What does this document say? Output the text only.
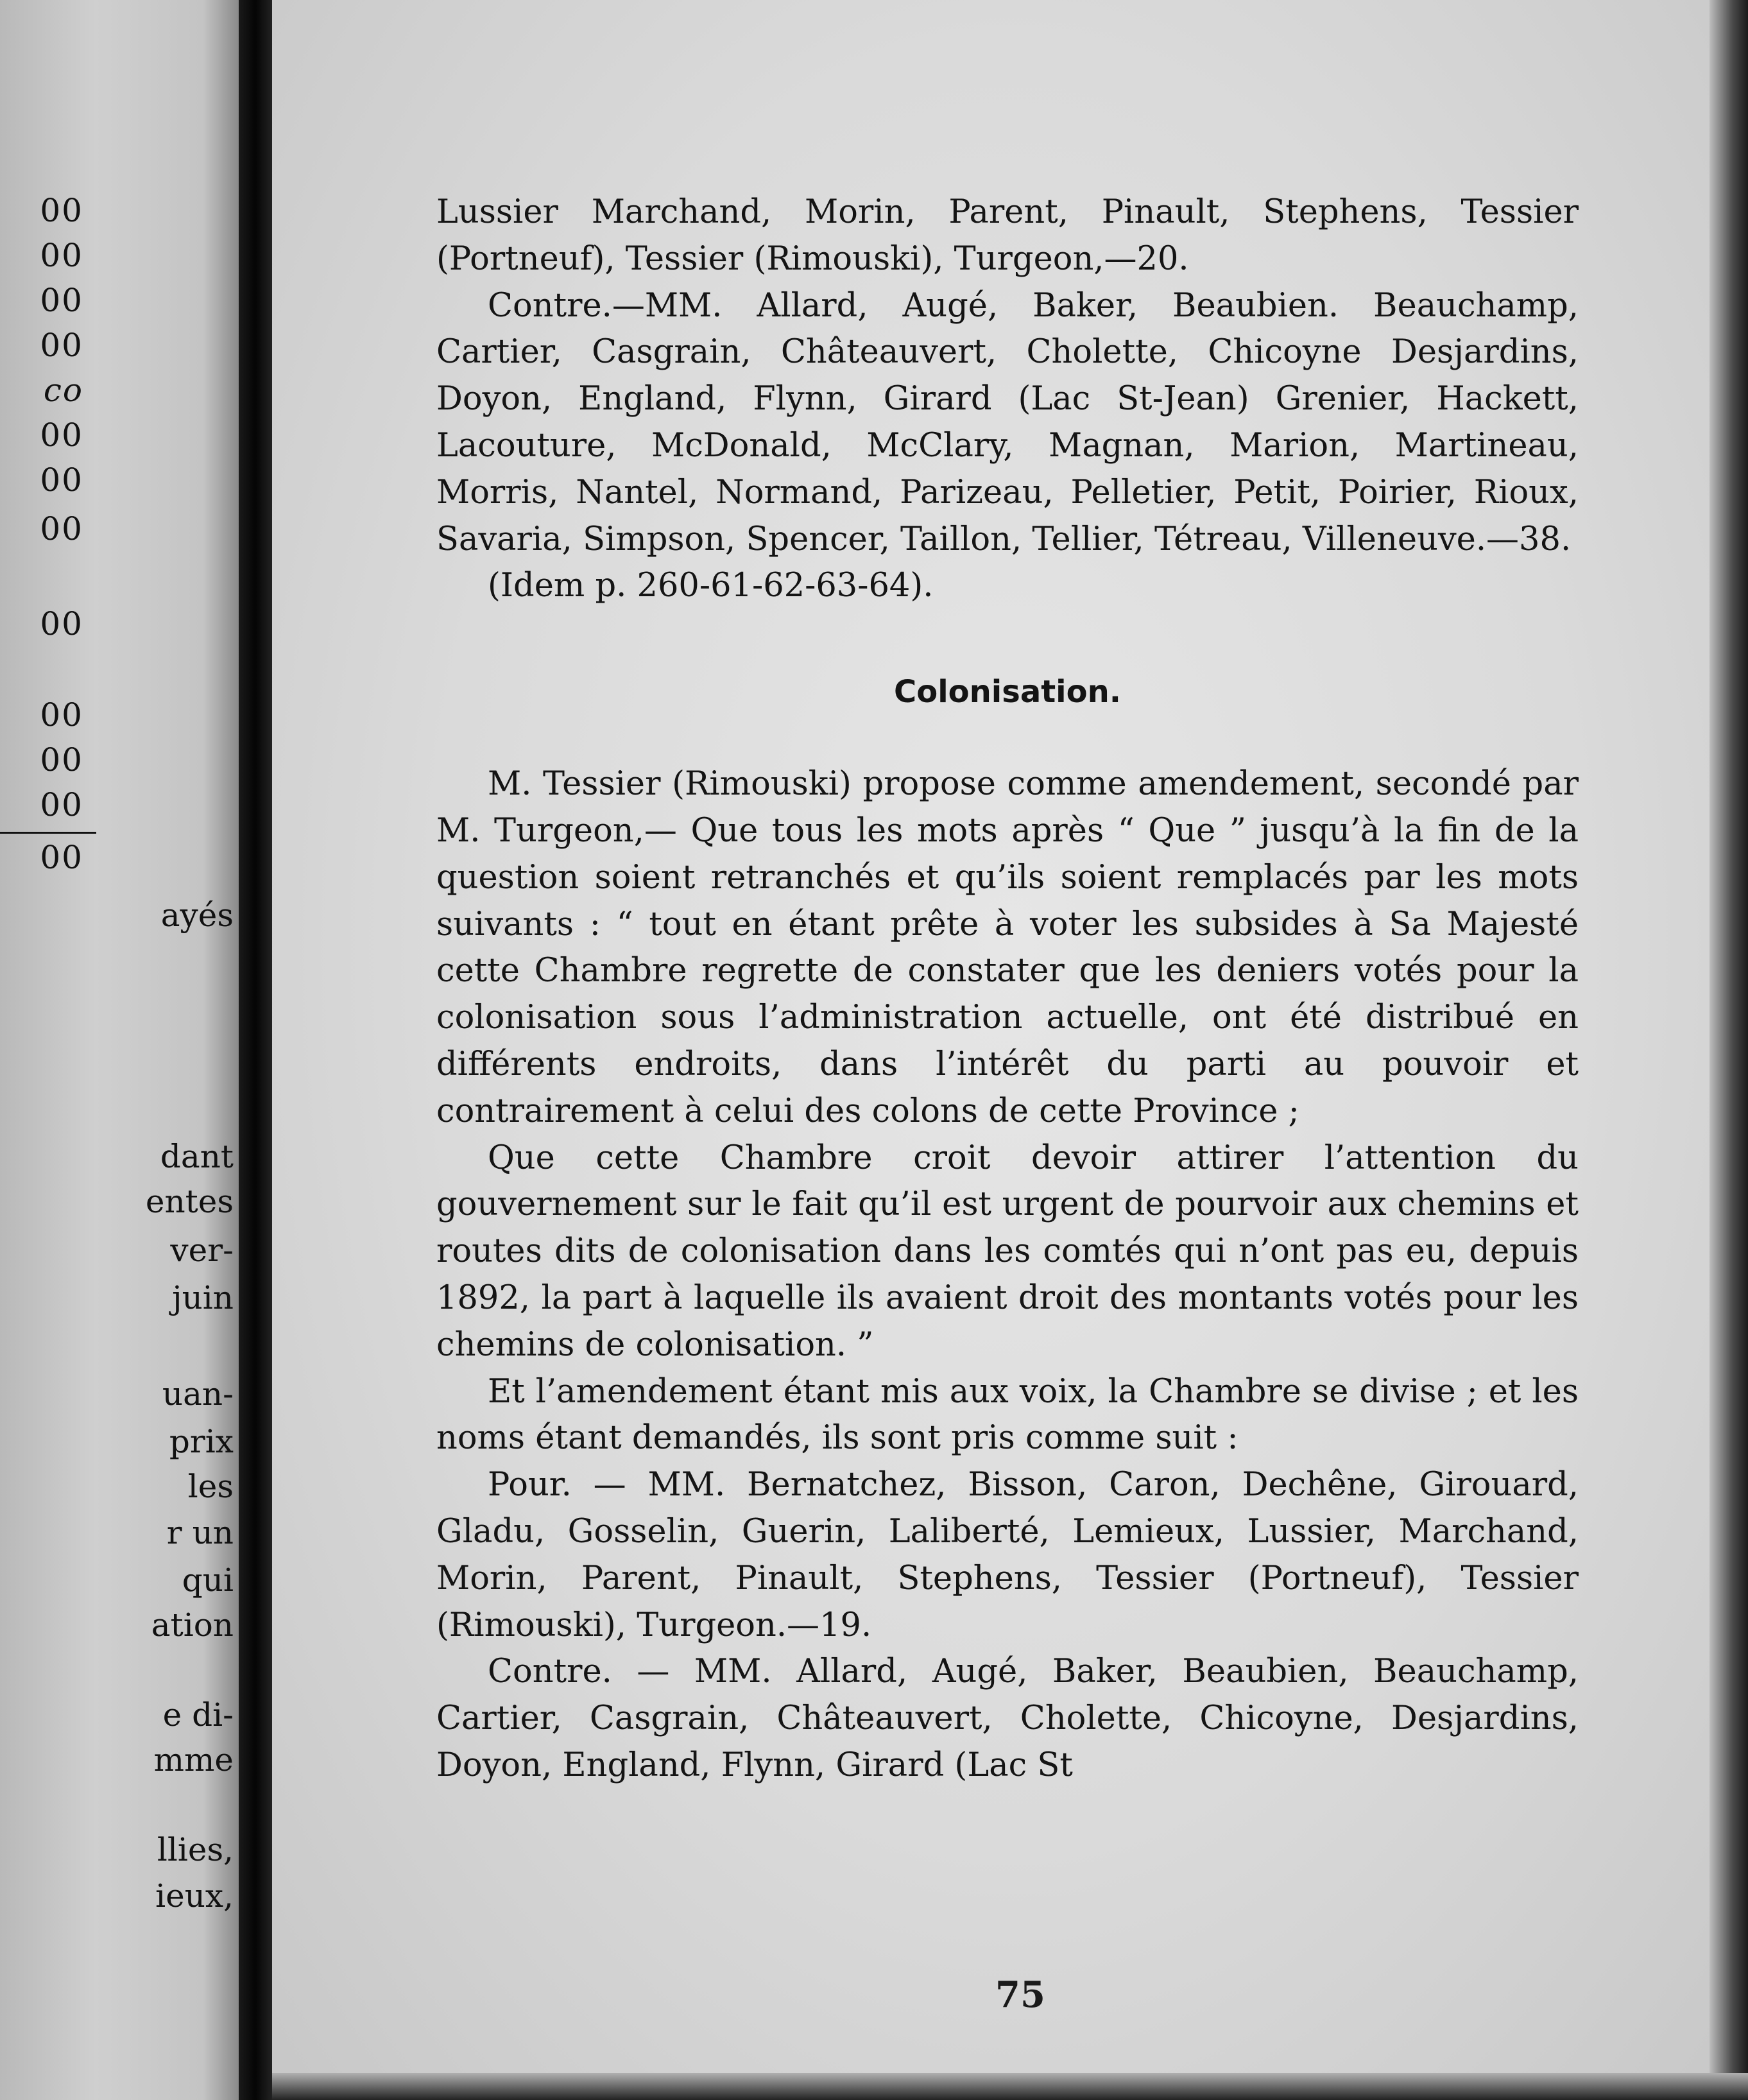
00
00
00
00
co
00
00
00
00
00
00
00
00
ayés
dant
entes
ver-
juin
uan-
prix
les
r un
qui
ation
e di-
mme
llies,
ieux,

Lussier Marchand, Morin, Parent, Pinault, Stephens, Tessier (Portneuf), Tessier (Rimouski), Turgeon,—20.

Contre.—MM. Allard, Augé, Baker, Beaubien. Beauchamp, Cartier, Casgrain, Châteauvert, Cholette, Chicoyne Desjardins, Doyon, England, Flynn, Girard (Lac St-Jean) Grenier, Hackett, Lacouture, McDonald, McClary, Magnan, Marion, Martineau, Morris, Nantel, Normand, Parizeau, Pelletier, Petit, Poirier, Rioux, Savaria, Simpson, Spencer, Taillon, Tellier, Tétreau, Villeneuve.—38.

(Idem p. 260-61-62-63-64).

Colonisation.

M. Tessier (Rimouski) propose comme amendement, secondé par M. Turgeon,— Que tous les mots après “ Que ” jusqu’à la fin de la question soient retranchés et qu’ils soient remplacés par les mots suivants : “ tout en étant prête à voter les subsides à Sa Majesté cette Chambre regrette de constater que les deniers votés pour la colonisation sous l’administration actuelle, ont été distribué en différents endroits, dans l’intérêt du parti au pouvoir et contrairement à celui des colons de cette Province ;

Que cette Chambre croit devoir attirer l’attention du gouvernement sur le fait qu’il est urgent de pourvoir aux chemins et routes dits de colonisation dans les comtés qui n’ont pas eu, depuis 1892, la part à laquelle ils avaient droit des montants votés pour les chemins de colonisation. ”

Et l’amendement étant mis aux voix, la Chambre se divise ; et les noms étant demandés, ils sont pris comme suit :

Pour. — MM. Bernatchez, Bisson, Caron, Dechêne, Girouard, Gladu, Gosselin, Guerin, Laliberté, Lemieux, Lussier, Marchand, Morin, Parent, Pinault, Stephens, Tessier (Portneuf), Tessier (Rimouski), Turgeon.—19.

Contre. — MM. Allard, Augé, Baker, Beaubien, Beauchamp, Cartier, Casgrain, Châteauvert, Cholette, Chicoyne, Desjardins, Doyon, England, Flynn, Girard (Lac St

75
